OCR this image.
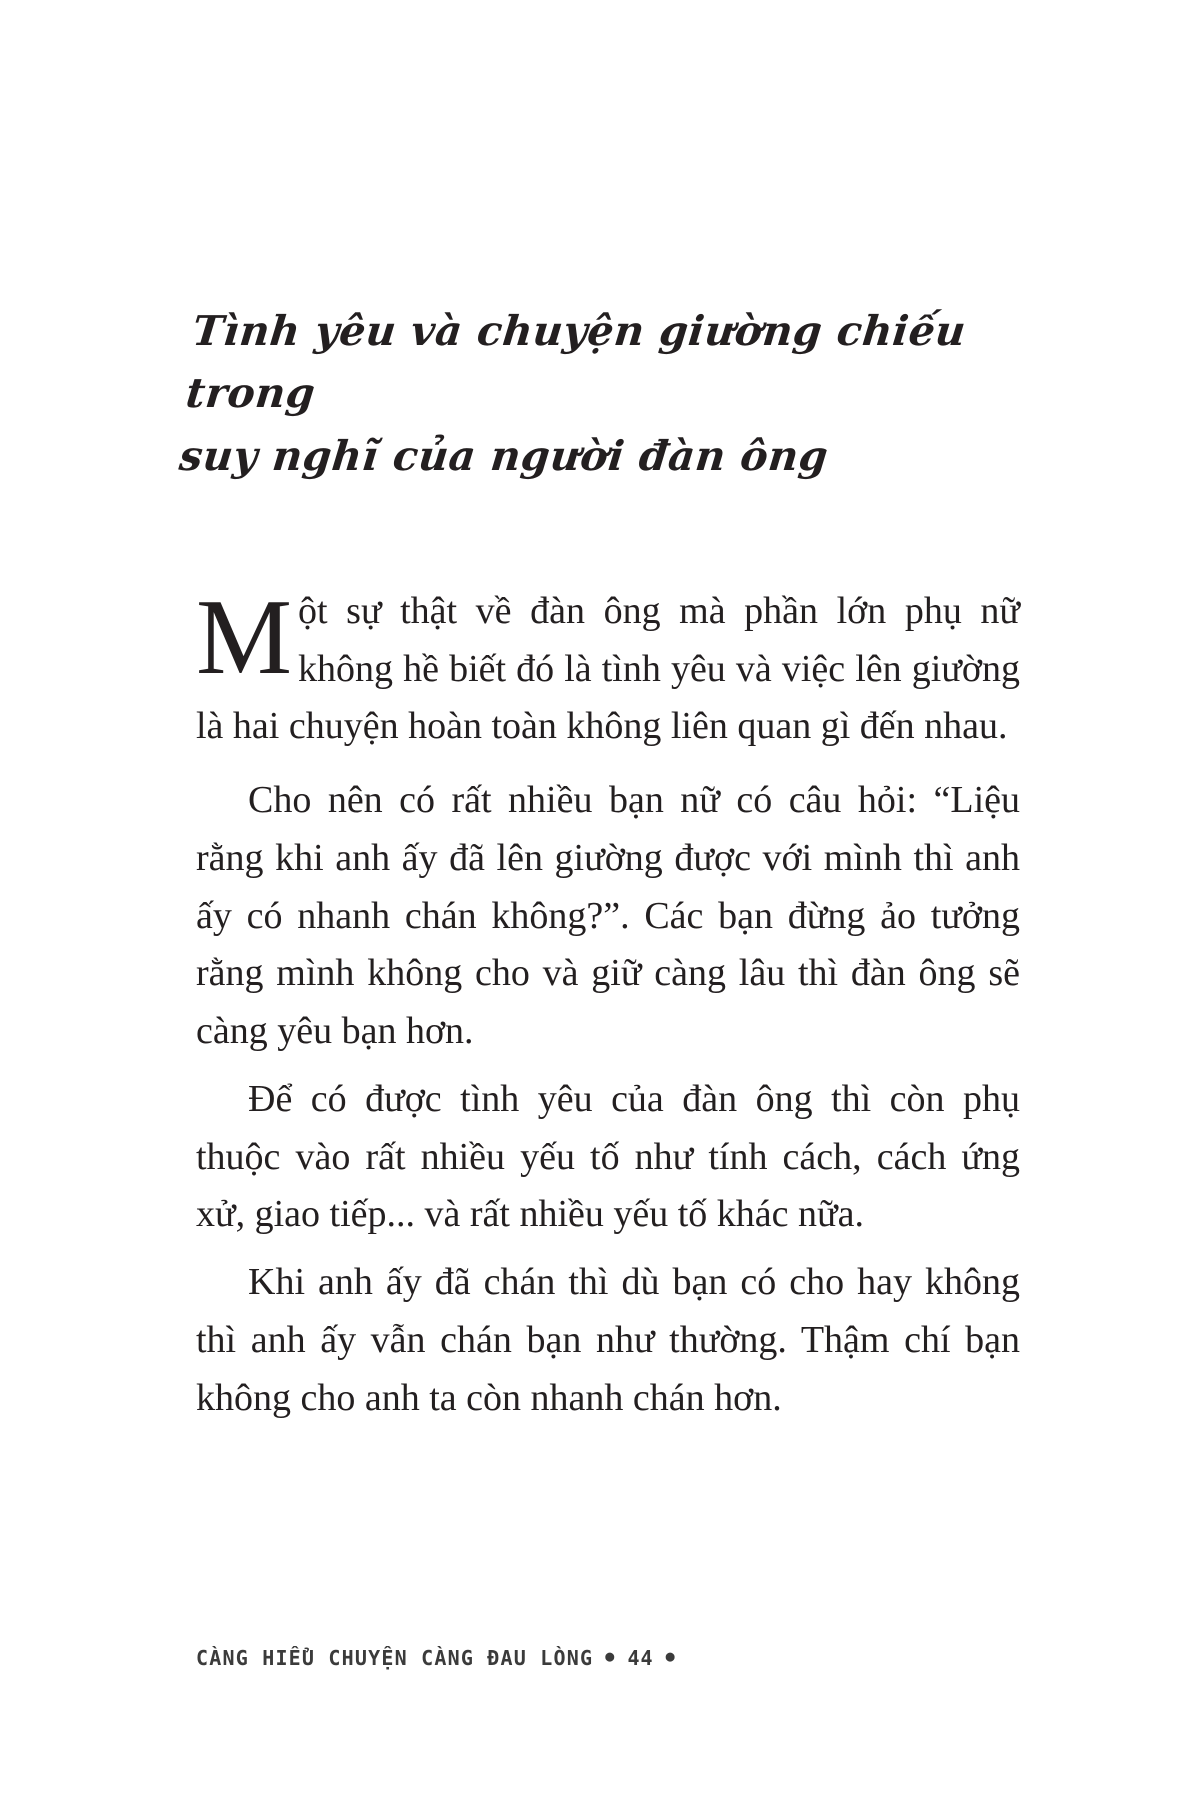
Tình yêu và chuyện giường chiếu trong
suy nghĩ của người đàn ông

Một sự thật về đàn ông mà phần lớn phụ nữ không hề biết đó là tình yêu và việc lên giường là hai chuyện hoàn toàn không liên quan gì đến nhau.

Cho nên có rất nhiều bạn nữ có câu hỏi: “Liệu rằng khi anh ấy đã lên giường được với mình thì anh ấy có nhanh chán không?”. Các bạn đừng ảo tưởng rằng mình không cho và giữ càng lâu thì đàn ông sẽ càng yêu bạn hơn.

Để có được tình yêu của đàn ông thì còn phụ thuộc vào rất nhiều yếu tố như tính cách, cách ứng xử, giao tiếp... và rất nhiều yếu tố khác nữa.

Khi anh ấy đã chán thì dù bạn có cho hay không thì anh ấy vẫn chán bạn như thường. Thậm chí bạn không cho anh ta còn nhanh chán hơn.

CÀNG HIỂU CHUYỆN CÀNG ĐAU LÒNG ● 44 ●
